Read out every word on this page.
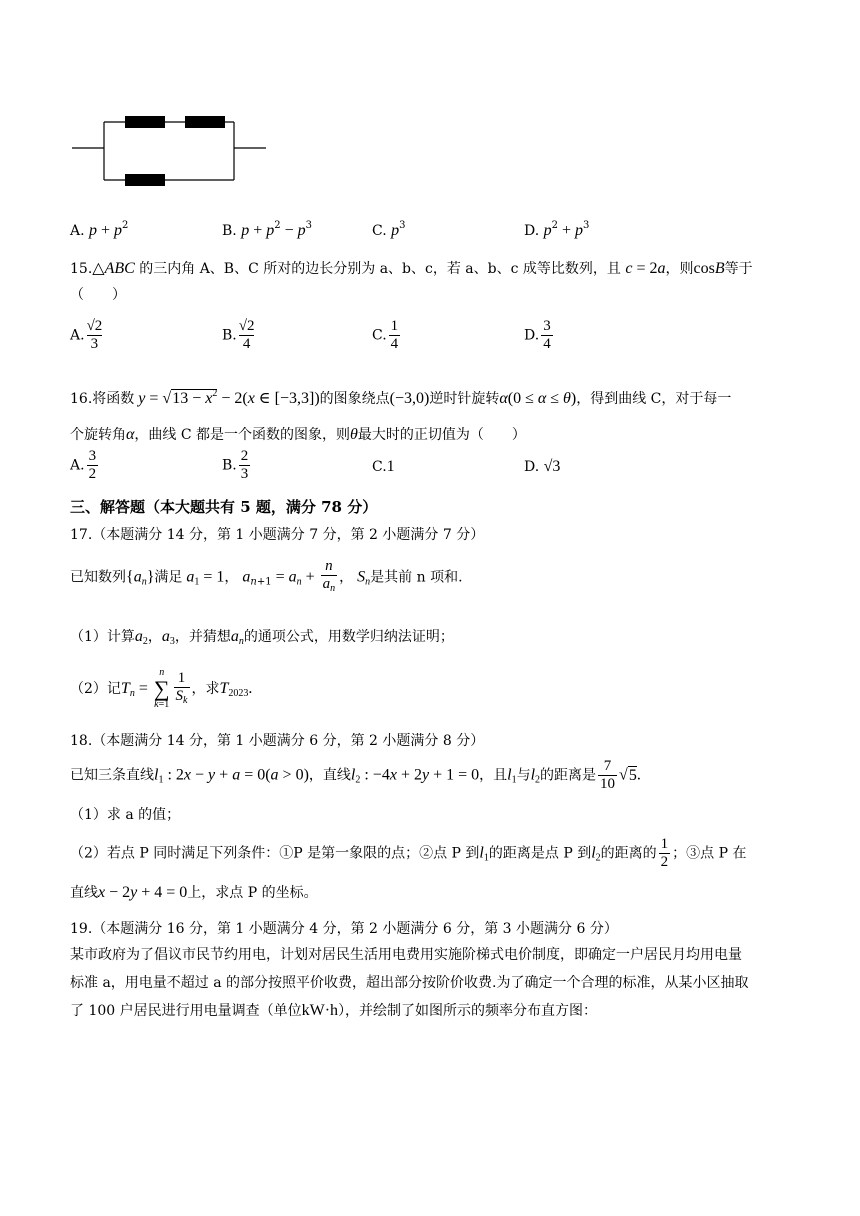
A. $p + p^2$	B. $p + p^2 - p^3$	C. $p^3$	D. $p^2 + p^3$
15.△ABC 的三内角 A、B、C 所对的边长分别为 a、b、c，若 a、b、c 成等比数列，且 c = 2a，则cosB等于
（　　）
A. $\frac{√2}{3}$	B. $\frac{√2}{4}$	C. $\frac{1}{4}$	D. $\frac{3}{4}$
16.将函数 $y = √13 - x^2 - 2(x$ ∈ [−3,3])的图象绕点(−3,0)逆时针旋转α(0 ≤ α ≤ θ)，得到曲线 C，对于每一
个旋转角α，曲线 C 都是一个函数的图象，则θ最大时的正切值为（　　）
A. $\frac{3}{2}$	B. $\frac{2}{3}$	C.1	D. √3
三、解答题（本大题共有 5 题，满分 78 分）
17.（本题满分 14 分，第 1 小题满分 7 分，第 2 小题满分 7 分）
已知数列$\{a_n\}$满足 $a_1 = 1$， $a_{n+1} = a_n + \frac{n}{a_n}$ ， $S_n$是其前 n 项和.
（1）计算$a_2$，$a_3$，并猜想$a_n$的通项公式，用数学归纳法证明；
（2）记$T_n$ =
n
∑
$k=1 \frac{1}{S_k}$ ，求$T_{2023}$.
18.（本题满分 14 分，第 1 小题满分 6 分，第 2 小题满分 8 分）
已知三条直线$l_1$ : 2x − y + a = 0(a > 0)，直线$l_2$ : −4x + 2y + 1 = 0，且$l_1$与$l_2$的距离是 $\frac{7}{10} √5$.
（1）求 a 的值；
（2）若点 P 同时满足下列条件：①P 是第一象限的点；②点 P 到$l_1$的距离是点 P 到$l_2$的距离的 $\frac{1}{2}$ ；③点 P 在
直线x − 2y + 4 = 0上，求点 P 的坐标。
19.（本题满分 16 分，第 1 小题满分 4 分，第 2 小题满分 6 分，第 3 小题满分 6 分）
某市政府为了倡议市民节约用电，计划对居民生活用电费用实施阶梯式电价制度，即确定一户居民月均用电量
标准 a，用电量不超过 a 的部分按照平价收费，超出部分按阶价收费.为了确定一个合理的标准，从某小区抽取
了 100 户居民进行用电量调查（单位kW·h），并绘制了如图所示的频率分布直方图：
